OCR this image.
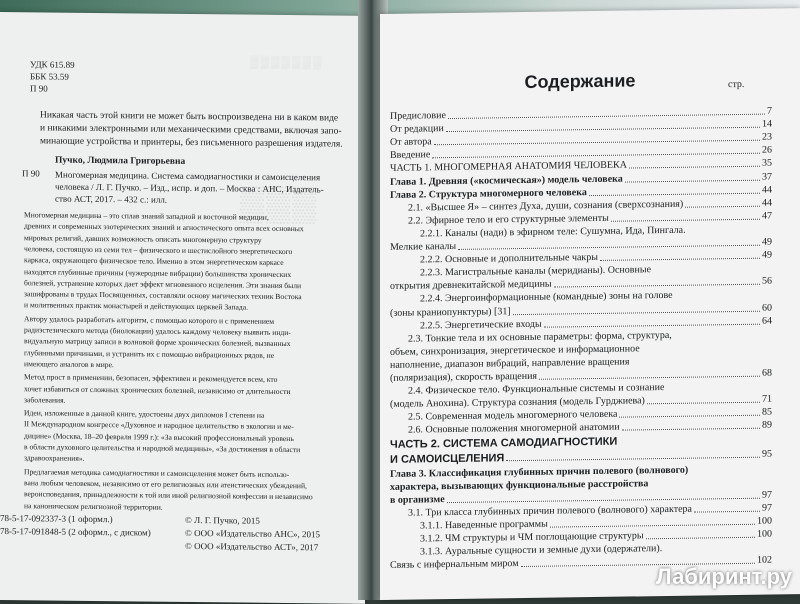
▒▒▒▒▒▒▒
▒▒▒
УДК 615.89
ББК 53.59
П 90
Никакая часть этой книги не может быть воспроизведена ни в каком виде
и никакими электронными или механическими средствами, включая запо-
минающие устройства и принтеры, без письменного разрешения издателя.
Пучко, Людмила Григорьевна
П 90 Многомерная медицина. Система самодиагностики и самоисцеления
человека / Л. Г. Пучко. – Изд., испр. и доп. – Москва : АНС, Издатель-
ство АСТ, 2017. – 432 с.: илл.
Многомерная медицина – это сплав знаний западной и восточной медицин,
древних и современных эзотерических знаний и агностического опыта всех основных
мировых религий, давших возможность описать многомерную структуру
человека, состоящую из семи тел – физического и шестислойного энергетического
каркаса, окружающего физическое тело. Именно в этом энергетическом каркасе
находятся глубинные причины (чужеродные вибрации) большинства хронических
болезней, устранение которых дает эффект мгновенного исцеления. Эти знания были
зашифрованы в трудах Посвященных, составляли основу магических техник Востока
и молитвенных практик монастырей и действующих церквей Запада.
Автору удалось разработать алгоритм, с помощью которого и с применением
радиэстезического метода (биолокации) удалось каждому человеку выявить инди-
видуальную матрицу записи в волновой форме хронических болезней, вызванных
глубинными причинами, и устранить их с помощью вибрационных рядов, не
имеющего аналогов в мире.
Метод прост в применении, безопасен, эффективен и рекомендуется всем, кто
хочет избавиться от сложных хронических болезней, независимо от длительности
заболевания.
Идеи, изложенные в данной книге, удостоены двух дипломов I степени на
II Международном конгрессе «Духовное и народное целительство в экологии и ме-
дицине» (Москва, 18–20 февраля 1999 г.): «За высокий профессиональный уровень
в области духовного целительства и народной медицины», «За достижения в области
здравоохранения».
Предлагаемая методика самодиагностики и самоисцеления может быть использо-
вана любым человеком, независимо от его религиозных или атеистических убеждений,
вероисповедания, принадлежности к той или иной религиозной конфессии и независимо
на каноническом религиозной территории.
78-5-17-092337-3 (1 оформл.)
78-5-17-091848-5 (2 оформл., с диском)
© Л. Г. Пучко, 2015
© ООО «Издательство АНС», 2015
© ООО «Издательство АСТ», 2017
Содержание	стр.
Предисловие	7
От редакции	14
От автора	23
Введение	26
ЧАСТЬ 1. МНОГОМЕРНАЯ АНАТОМИЯ ЧЕЛОВЕКА	35
Глава 1. Древняя («космическая») модель человека	37
Глава 2. Структура многомерного человека	44
2.1. «Высшее Я» – синтез Духа, души, сознания (сверхсознания)	44
2.2. Эфирное тело и его структурные элементы	47
2.2.1. Каналы (нади) в эфирном теле: Сушумна, Ида, Пингала.
Мелкие каналы	49
2.2.2. Основные и дополнительные чакры	49
2.2.3. Магистральные каналы (меридианы). Основные
открытия древнекитайской медицины	56
2.2.4. Энергоинформационные (командные) зоны на голове
(зоны краниопунктуры) [31]	60
2.2.5. Энергетические входы	64
2.3. Тонкие тела и их основные параметры: форма, структура,
объем, синхронизация, энергетическое и информационное
наполнение, диапазон вибраций, направление вращения
(поляризация), скорость вращения	68
2.4. Физическое тело. Функциональные системы и сознание
(модель Анохина). Структура сознания (модель Гурджиева)	71
2.5. Современная модель многомерного человека	85
2.6. Основные положения многомерной анатомии	89
ЧАСТЬ 2. СИСТЕМА САМОДИАГНОСТИКИ
И САМОИСЦЕЛЕНИЯ	95
Глава 3. Классификация глубинных причин полевого (волнового)
характера, вызывающих функциональные расстройства
в организме	97
3.1. Три класса глубинных причин полевого (волнового) характера	97
3.1.1. Наведенные программы	100
3.1.2. ЧМ структуры и ЧМ поглощающие структуры	100
3.1.3. Ауральные сущности и земные духи (одержатели).
Связь с инфернальным миром	102
Лабиринт.ру
